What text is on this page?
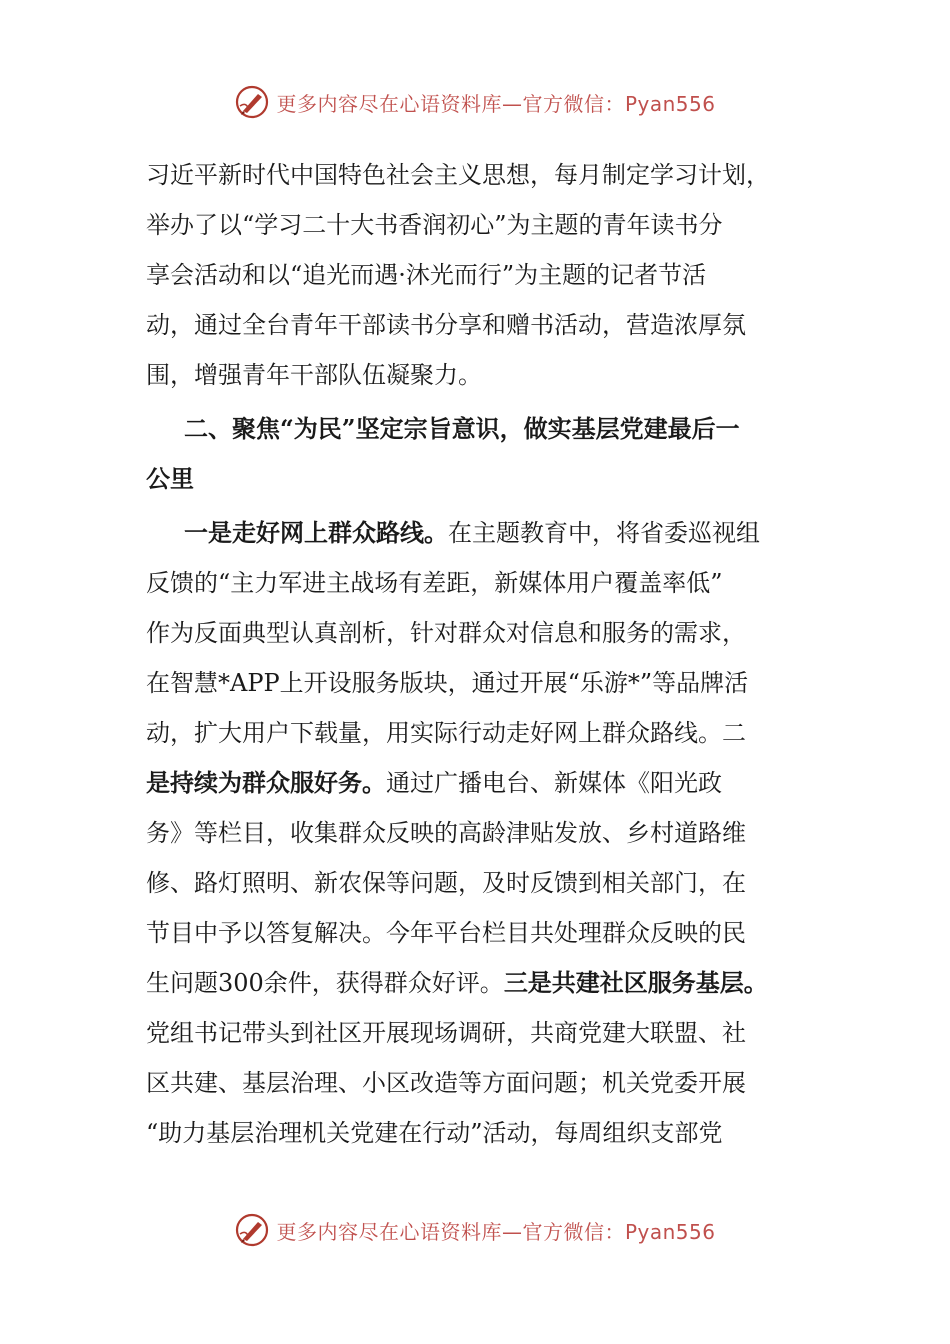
更多内容尽在心语资料库—官方微信：Pyan556
习近平新时代中国特色社会主义思想，每月制定学习计划，
举办了以“学习二十大书香润初心”为主题的青年读书分
享会活动和以“追光而遇·沐光而行”为主题的记者节活
动，通过全台青年干部读书分享和赠书活动，营造浓厚氛
围，增强青年干部队伍凝聚力。
二、聚焦“为民”坚定宗旨意识，做实基层党建最后一
公里
一是走好网上群众路线。在主题教育中，将省委巡视组
反馈的“主力军进主战场有差距，新媒体用户覆盖率低”
作为反面典型认真剖析，针对群众对信息和服务的需求，
在智慧*APP上开设服务版块，通过开展“乐游*”等品牌活
动，扩大用户下载量，用实际行动走好网上群众路线。二
是持续为群众服好务。通过广播电台、新媒体《阳光政
务》等栏目，收集群众反映的高龄津贴发放、乡村道路维
修、路灯照明、新农保等问题，及时反馈到相关部门，在
节目中予以答复解决。今年平台栏目共处理群众反映的民
生问题300余件，获得群众好评。三是共建社区服务基层。
党组书记带头到社区开展现场调研，共商党建大联盟、社
区共建、基层治理、小区改造等方面问题；机关党委开展
“助力基层治理机关党建在行动”活动，每周组织支部党
更多内容尽在心语资料库—官方微信：Pyan556
